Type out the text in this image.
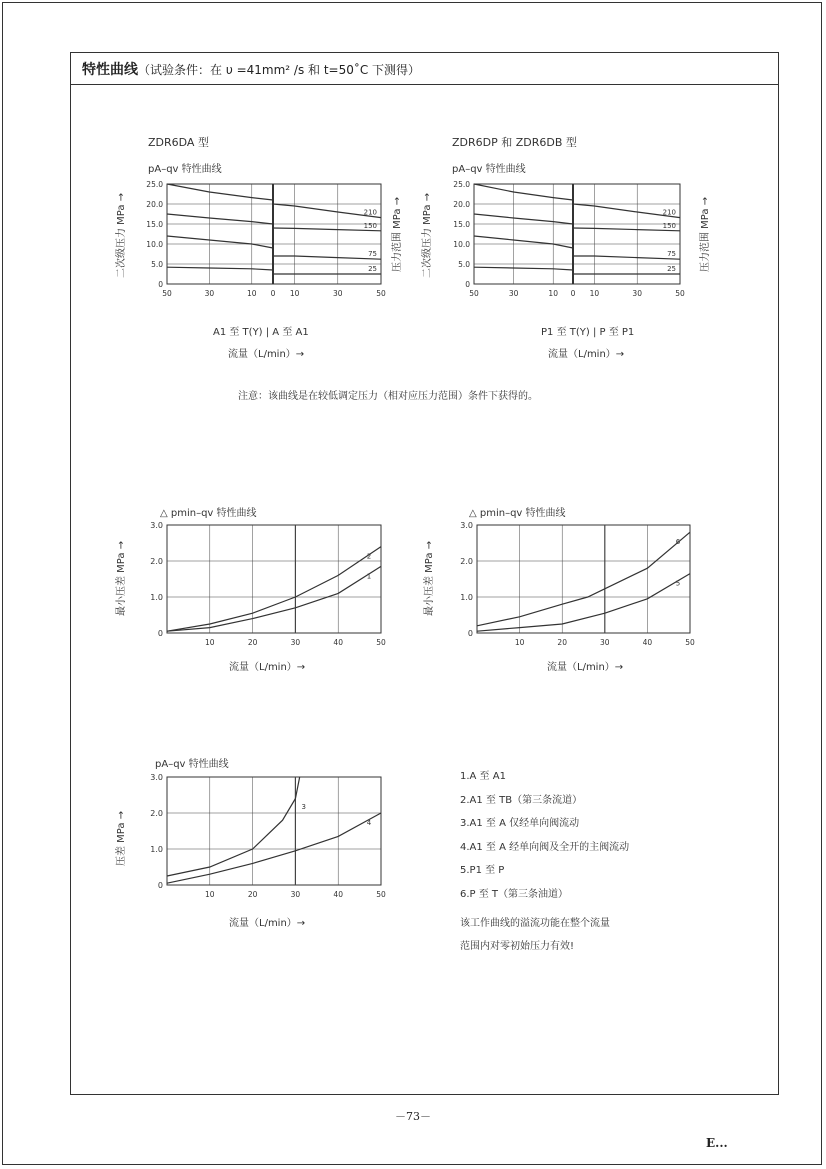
特性曲线（试验条件：在 υ =41mm² /s 和 t=50˚C 下测得）
ZDR6DA 型	ZDR6DP 和 ZDR6DB 型
pA–qv 特性曲线	pA–qv 特性曲线
二次级压力 MPa →	压力范围 MPa →	二次级压力 MPa →	压力范围 MPa →
A1 至 T(Y) | A 至 A1	P1 至 T(Y) | P 至 P1
流量（L/min）→	流量（L/min）→
注意：该曲线是在较低调定压力（相对应压力范围）条件下获得的。
△ pmin–qv 特性曲线	△ pmin–qv 特性曲线
最小压差 MPa →	最小压差 MPa →
流量（L/min）→	流量（L/min）→
pA–qv 特性曲线
压差 MPa →
流量（L/min）→
1.A 至 A1
2.A1 至 TB（第三条流道）
3.A1 至 A 仅经单向阀流动
4.A1 至 A 经单向阀及全开的主阀流动
5.P1 至 P
6.P 至 T（第三条油道）
该工作曲线的溢流功能在整个流量
范围内对零初始压力有效!
－73－
E...
0
5.0
10.0
15.0
20.0
25.0
50	30	10 0 10	30	50
210
150
75
25
0
5.0
10.0
15.0
20.0
25.0
50	30	10 0 10	30	50
210
150
75
25
0
1.0
2.0
3.0
10	20	30	40	50
2
1
0
1.0
2.0
3.0
10	20	30	40	50
6
5
0
1.0
2.0
3.0
10	20	30	40	50
3
4
